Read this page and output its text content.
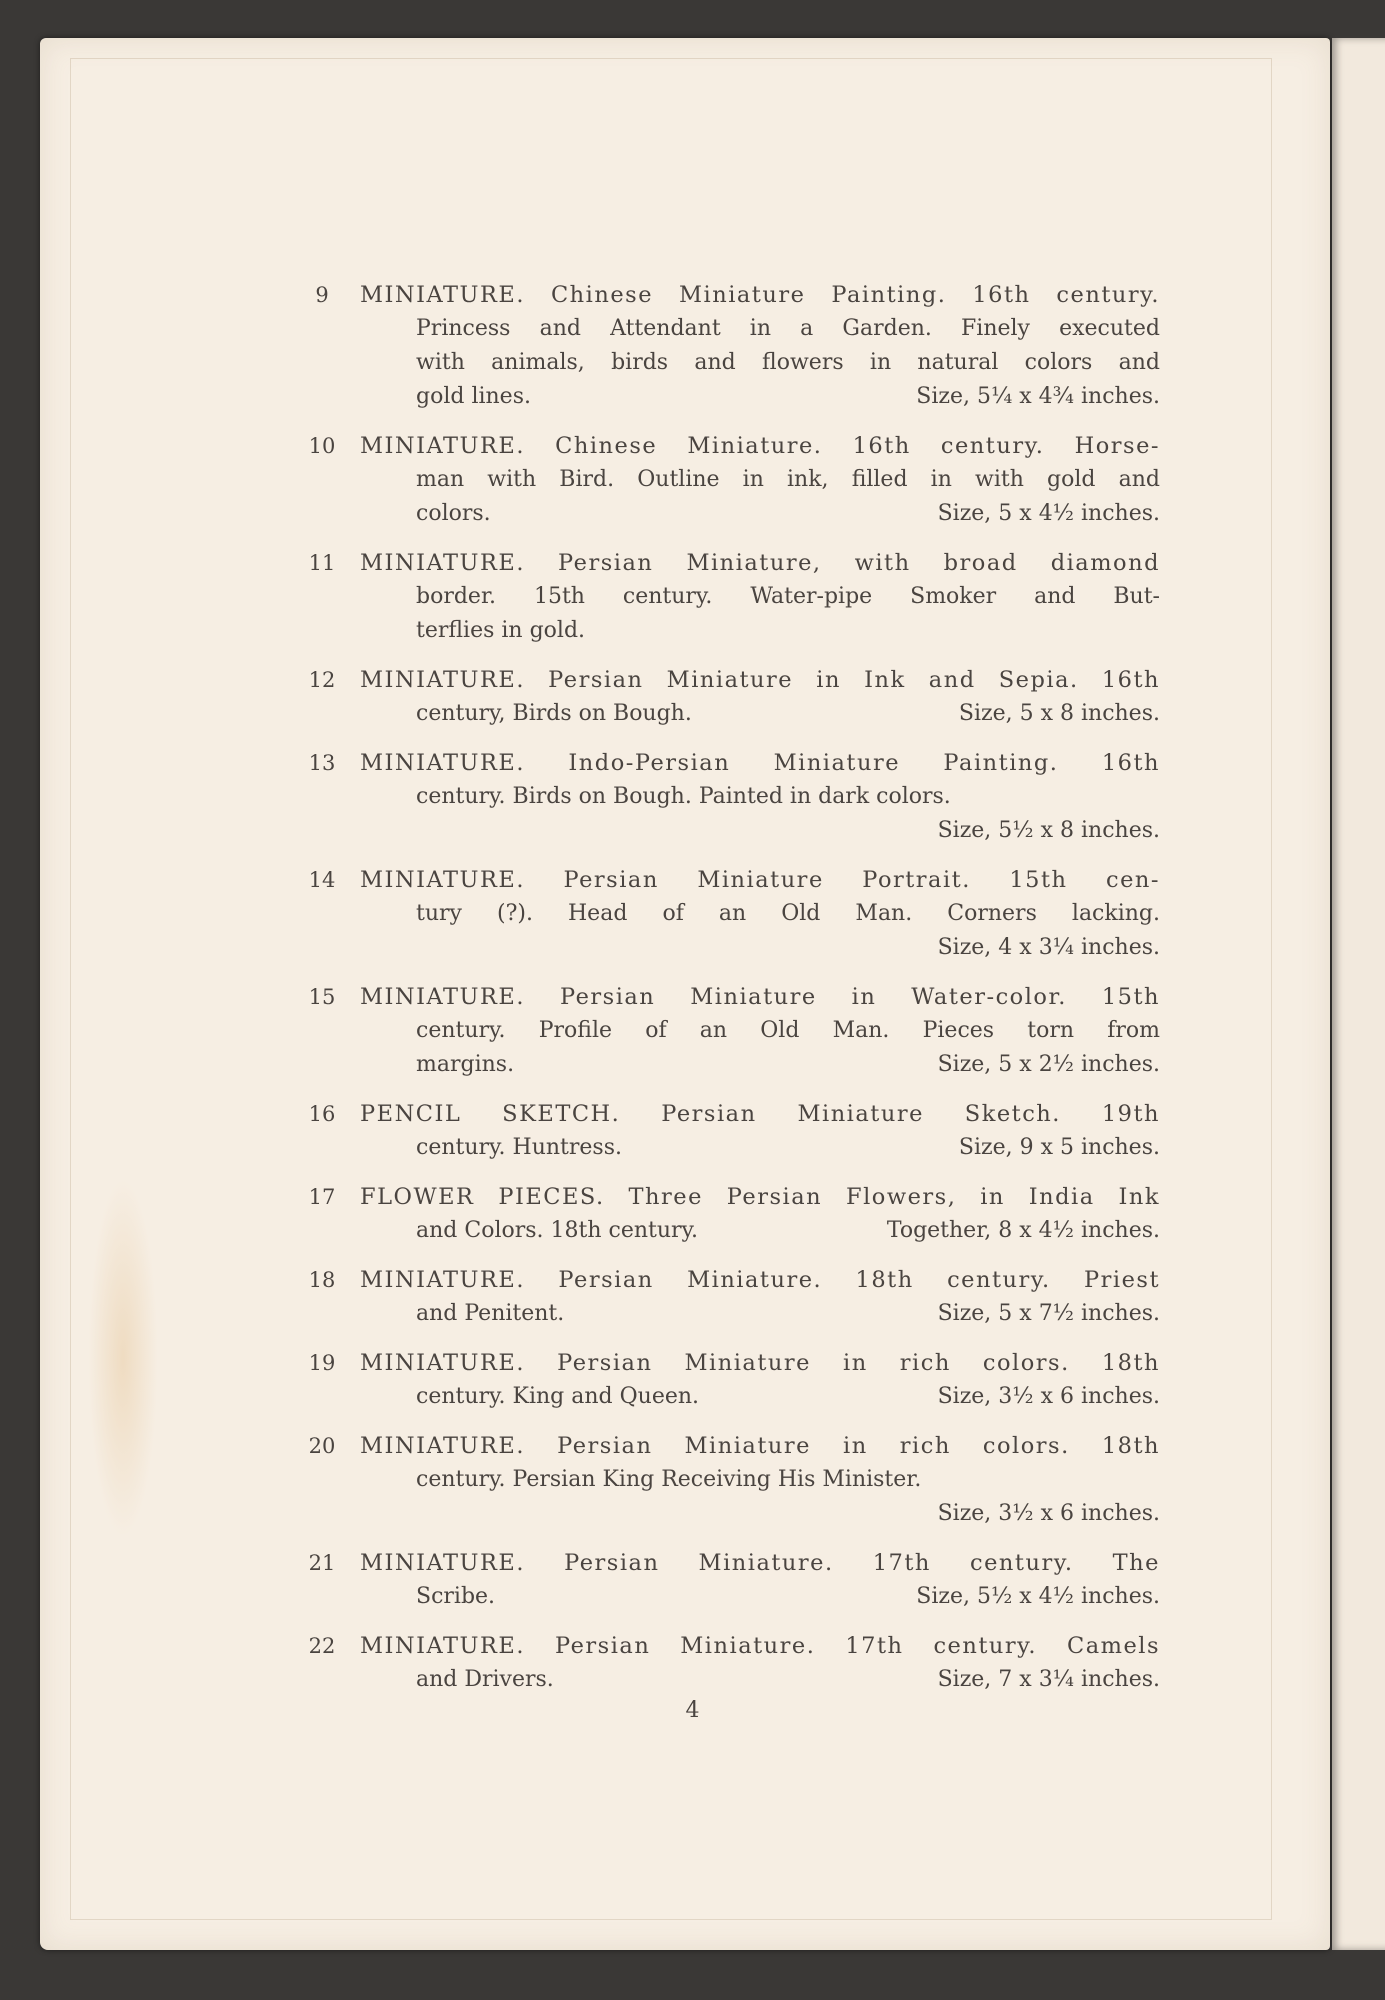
9	MINIATURE. Chinese Miniature Painting. 16th century.
Princess and Attendant in a Garden. Finely executed
with animals, birds and flowers in natural colors and
gold lines.	Size, 5¼ x 4¾ inches.
10 MINIATURE. Chinese Miniature. 16th century. Horse-
man with Bird. Outline in ink, filled in with gold and
colors.	Size, 5 x 4½ inches.
11 MINIATURE. Persian Miniature, with broad diamond
border. 15th century. Water-pipe Smoker and But-
terflies in gold.
12 MINIATURE. Persian Miniature in Ink and Sepia. 16th
century, Birds on Bough.	Size, 5 x 8 inches.
13 MINIATURE. Indo-Persian Miniature Painting. 16th
century. Birds on Bough. Painted in dark colors.
Size, 5½ x 8 inches.
14 MINIATURE. Persian Miniature Portrait. 15th cen-
tury (?). Head of an Old Man. Corners lacking.
Size, 4 x 3¼ inches.
15 MINIATURE. Persian Miniature in Water-color. 15th
century. Profile of an Old Man. Pieces torn from
margins.	Size, 5 x 2½ inches.
16 PENCIL SKETCH. Persian Miniature Sketch. 19th
century. Huntress.	Size, 9 x 5 inches.
17 FLOWER PIECES. Three Persian Flowers, in India Ink
and Colors. 18th century.	Together, 8 x 4½ inches.
18 MINIATURE. Persian Miniature. 18th century. Priest
and Penitent.	Size, 5 x 7½ inches.
19 MINIATURE. Persian Miniature in rich colors. 18th
century. King and Queen.	Size, 3½ x 6 inches.
20 MINIATURE. Persian Miniature in rich colors. 18th
century. Persian King Receiving His Minister.
Size, 3½ x 6 inches.
21 MINIATURE. Persian Miniature. 17th century. The
Scribe.	Size, 5½ x 4½ inches.
22 MINIATURE. Persian Miniature. 17th century. Camels
and Drivers.	Size, 7 x 3¼ inches.
4
